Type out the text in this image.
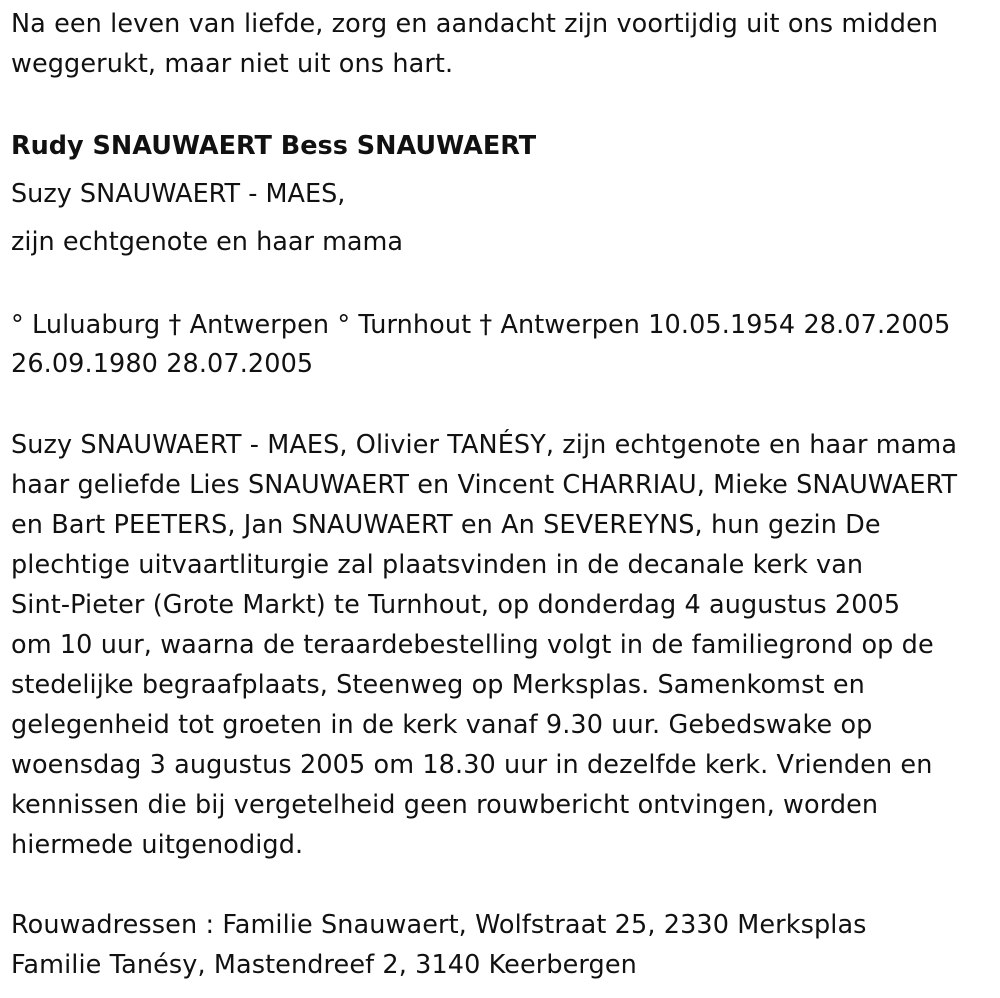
Na een leven van liefde, zorg en aandacht zijn voortijdig uit ons midden
weggerukt, maar niet uit ons hart.

Rudy SNAUWAERT Bess SNAUWAERT
Suzy SNAUWAERT - MAES,
zijn echtgenote en haar mama

° Luluaburg † Antwerpen ° Turnhout † Antwerpen 10.05.1954 28.07.2005
26.09.1980 28.07.2005

Suzy SNAUWAERT - MAES, Olivier TANÉSY, zijn echtgenote en haar mama
haar geliefde Lies SNAUWAERT en Vincent CHARRIAU, Mieke SNAUWAERT
en Bart PEETERS, Jan SNAUWAERT en An SEVEREYNS, hun gezin De
plechtige uitvaartliturgie zal plaatsvinden in de decanale kerk van
Sint-Pieter (Grote Markt) te Turnhout, op donderdag 4 augustus 2005
om 10 uur, waarna de teraardebestelling volgt in de familiegrond op de
stedelijke begraafplaats, Steenweg op Merksplas. Samenkomst en
gelegenheid tot groeten in de kerk vanaf 9.30 uur. Gebedswake op
woensdag 3 augustus 2005 om 18.30 uur in dezelfde kerk. Vrienden en
kennissen die bij vergetelheid geen rouwbericht ontvingen, worden
hiermede uitgenodigd.

Rouwadressen : Familie Snauwaert, Wolfstraat 25, 2330 Merksplas
Familie Tanésy, Mastendreef 2, 3140 Keerbergen
